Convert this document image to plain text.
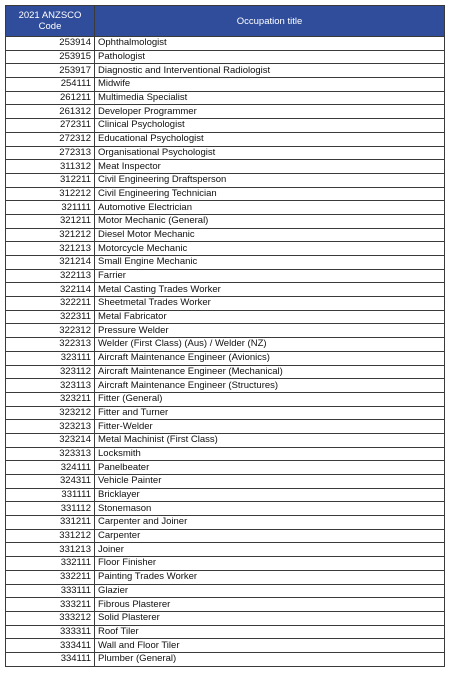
2021 ANZSCO Code	Occupation title
253914	Ophthalmologist
253915	Pathologist
253917	Diagnostic and Interventional Radiologist
254111	Midwife
261211	Multimedia Specialist
261312	Developer Programmer
272311	Clinical Psychologist
272312	Educational Psychologist
272313	Organisational Psychologist
311312	Meat Inspector
312211	Civil Engineering Draftsperson
312212	Civil Engineering Technician
321111	Automotive Electrician
321211	Motor Mechanic (General)
321212	Diesel Motor Mechanic
321213	Motorcycle Mechanic
321214	Small Engine Mechanic
322113	Farrier
322114	Metal Casting Trades Worker
322211	Sheetmetal Trades Worker
322311	Metal Fabricator
322312	Pressure Welder
322313	Welder (First Class) (Aus) / Welder (NZ)
323111	Aircraft Maintenance Engineer (Avionics)
323112	Aircraft Maintenance Engineer (Mechanical)
323113	Aircraft Maintenance Engineer (Structures)
323211	Fitter (General)
323212	Fitter and Turner
323213	Fitter-Welder
323214	Metal Machinist (First Class)
323313	Locksmith
324111	Panelbeater
324311	Vehicle Painter
331111	Bricklayer
331112	Stonemason
331211	Carpenter and Joiner
331212	Carpenter
331213	Joiner
332111	Floor Finisher
332211	Painting Trades Worker
333111	Glazier
333211	Fibrous Plasterer
333212	Solid Plasterer
333311	Roof Tiler
333411	Wall and Floor Tiler
334111	Plumber (General)
